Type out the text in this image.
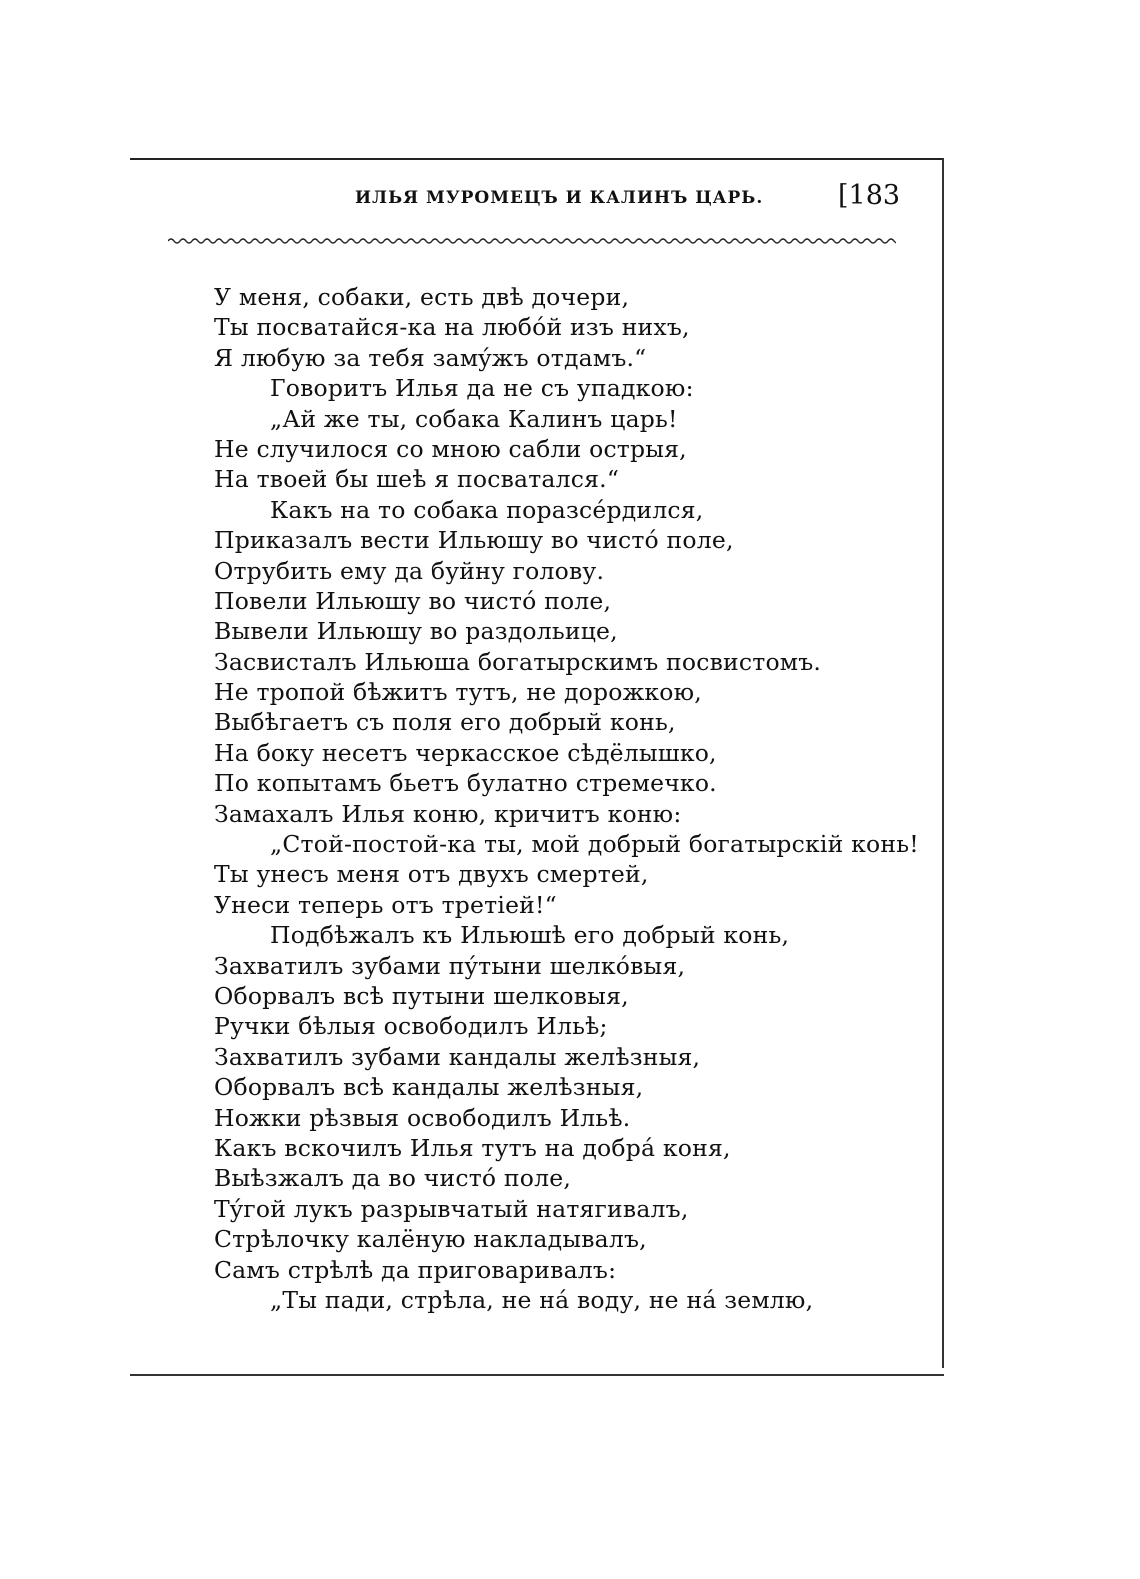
ИЛЬЯ МУРОМЕЦЪ И КАЛИНЪ ЦАРЬ.	[183
У меня, собаки, есть двѣ дочери,
Ты посватайся-ка на любóй изъ нихъ,
Я любую за тебя замýжъ отдамъ.“
Говоритъ Илья да не съ упадкою:
„Ай же ты, собака Калинъ царь!
Не случилося со мною сабли острыя,
На твоей бы шеѣ я посватался.“
Какъ на то собака поразсéрдился,
Приказалъ вести Ильюшу во чистó поле,
Отрубить ему да буйну голову.
Повели Ильюшу во чистó поле,
Вывели Ильюшу во раздольице,
Засвисталъ Ильюша богатырскимъ посвистомъ.
Не тропой бѣжитъ тутъ, не дорожкою,
Выбѣгаетъ съ поля его добрый конь,
На боку несетъ черкасское сѣдёлышко,
По копытамъ бьетъ булатно стремечко.
Замахалъ Илья коню, кричитъ коню:
„Стой-постой-ка ты, мой добрый богатырскій конь!
Ты унесъ меня отъ двухъ смертей,
Унеси теперь отъ третіей!“
Подбѣжалъ къ Ильюшѣ его добрый конь,
Захватилъ зубами пýтыни шелкóвыя,
Оборвалъ всѣ путыни шелковыя,
Ручки бѣлыя освободилъ Ильѣ;
Захватилъ зубами кандалы желѣзныя,
Оборвалъ всѣ кандалы желѣзныя,
Ножки рѣзвыя освободилъ Ильѣ.
Какъ вскочилъ Илья тутъ на добрá коня,
Выѣзжалъ да во чистó поле,
Тýгой лукъ разрывчатый натягивалъ,
Стрѣлочку калёную накладывалъ,
Самъ стрѣлѣ да приговаривалъ:
„Ты пади, стрѣла, не нá воду, не нá землю,
